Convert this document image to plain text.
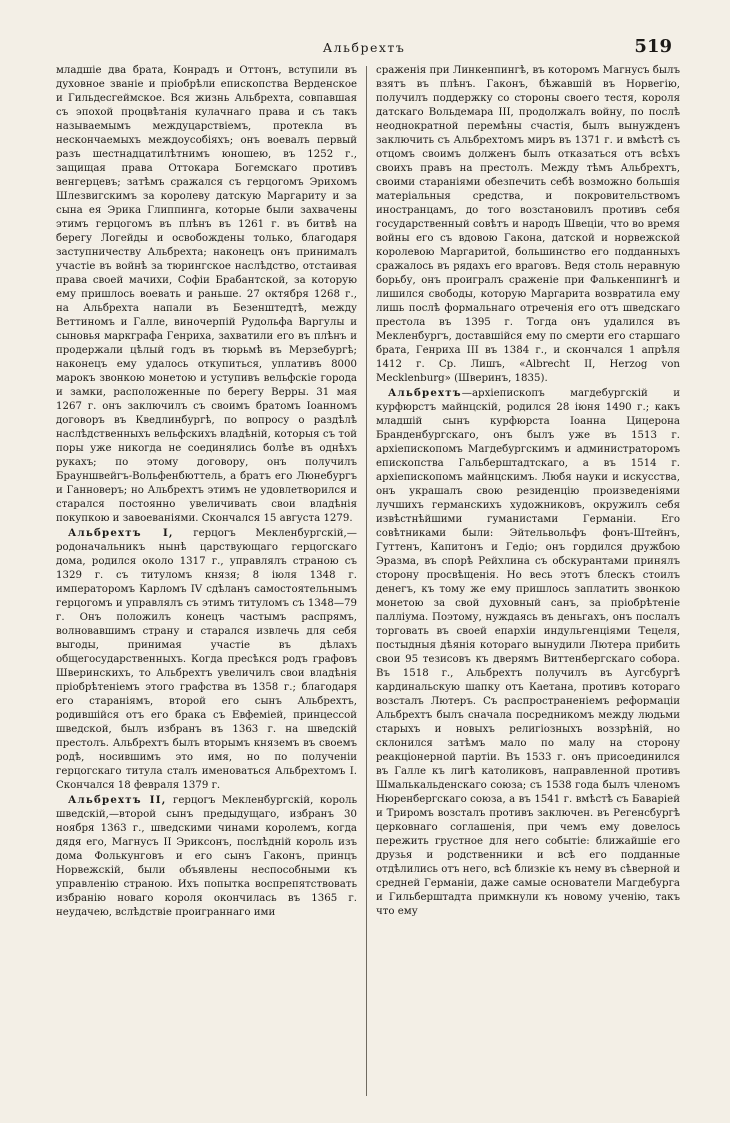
Альбрехтъ	519

младшіе два брата, Конрадъ и Оттонъ, вступили въ духовное званіе и пріобрѣли епископства Верденское и Гильдесгеймское. Вся жизнь Альбрехта, совпавшая съ эпохой процвѣтанія кулачнаго права и съ такъ называемымъ междуцарствіемъ, протекла въ нескончаемыхъ междоусобіяхъ; онъ воевалъ первый разъ шестнадцатилѣтнимъ юношею, въ 1252 г., защищая права Оттокара Богемскаго противъ венгерцевъ; затѣмъ сражался съ герцогомъ Эрихомъ Шлезвигскимъ за королеву датскую Маргариту и за сына ея Эрика Глиппинга, которые были захвачены этимъ герцогомъ въ плѣнъ въ 1261 г. въ битвѣ на берегу Логейды и освобождены только, благодаря заступничеству Альбрехта; наконецъ онъ принималъ участіе въ войнѣ за тюрингское наслѣдство, отстаивая права своей мачихи, Софіи Брабантской, за которую ему пришлось воевать и раньше. 27 октября 1268 г., на Альбрехта напали въ Безенштедтѣ, между Веттиномъ и Галле, виночерпій Рудольфа Варгулы и сыновья маркграфа Генриха, захватили его въ плѣнъ и продержали цѣлый годъ въ тюрьмѣ въ Мерзебургѣ; наконецъ ему удалось откупиться, уплативъ 8000 марокъ звонкою монетою и уступивъ вельфскіе города и замки, расположенные по берегу Верры. 31 мая 1267 г. онъ заключилъ съ своимъ братомъ Іоанномъ договоръ въ Кведлинбургѣ, по вопросу о раздѣлѣ наслѣдственныхъ вельфскихъ владѣній, которыя съ той поры уже никогда не соединялись болѣе въ однѣхъ рукахъ; по этому договору, онъ получилъ Брауншвейгъ-Вольфенбюттель, а братъ его Люнебургъ и Ганноверъ; но Альбрехтъ этимъ не удовлетворился и старался постоянно увеличивать свои владѣнія покупкою и завоеваніями. Скончался 15 августа 1279.

Альбрехтъ I, герцогъ Мекленбургскій,—родоначальникъ нынѣ царствующаго герцогскаго дома, родился около 1317 г., управлялъ страною съ 1329 г. съ титуломъ князя; 8 іюля 1348 г. императоромъ Карломъ IV сдѣланъ самостоятельнымъ герцогомъ и управлялъ съ этимъ титуломъ съ 1348—79 г. Онъ положилъ конецъ частымъ распрямъ, волновавшимъ страну и старался извлечь для себя выгоды, принимая участіе въ дѣлахъ общегосударственныхъ. Когда пресѣкся родъ графовъ Шверинскихъ, то Альбрехтъ увеличилъ свои владѣнія пріобрѣтеніемъ этого графства въ 1358 г.; благодаря его стараніямъ, второй его сынъ Альбрехтъ, родившійся отъ его брака съ Евфеміей, принцессой шведской, былъ избранъ въ 1363 г. на шведскій престолъ. Альбрехтъ былъ вторымъ княземъ въ своемъ родѣ, носившимъ это имя, но по полученіи герцогскаго титула сталъ именоваться Альбрехтомъ I. Скончался 18 февраля 1379 г.

Альбрехтъ II, герцогъ Мекленбургскій, король шведскій,—второй сынъ предыдущаго, избранъ 30 ноября 1363 г., шведскими чинами королемъ, когда дядя его, Магнусъ II Эриксонъ, послѣдній король изъ дома Фолькунговъ и его сынъ Гаконъ, принцъ Норвежскій, были объявлены неспособными къ управленію страною. Ихъ попытка воспрепятствовать избранію новаго короля окончилась въ 1365 г. неудачею, вслѣдствіе проиграннаго ими

сраженія при Линкенпингѣ, въ которомъ Магнусъ былъ взятъ въ плѣнъ. Гаконъ, бѣжавшій въ Норвегію, получилъ поддержку со стороны своего тестя, короля датскаго Вольдемара III, продолжалъ войну, по послѣ неоднократной перемѣны счастія, былъ вынужденъ заключить съ Альбрехтомъ миръ въ 1371 г. и вмѣстѣ съ отцомъ своимъ долженъ былъ отказаться отъ всѣхъ своихъ правъ на престолъ. Между тѣмъ Альбрехтъ, своими стараніями обезпечить себѣ возможно большія матеріальныя средства, и покровительствомъ иностранцамъ, до того возстановилъ противъ себя государственный совѣтъ и народъ Швеціи, что во время войны его съ вдовою Гакона, датской и норвежской королевою Маргаритой, большинство его подданныхъ сражалось въ рядахъ его враговъ. Ведя столь неравную борьбу, онъ проигралъ сраженіе при Фалькенпингѣ и лишился свободы, которую Маргарита возвратила ему лишь послѣ формальнаго отреченія его отъ шведскаго престола въ 1395 г. Тогда онъ удалился въ Мекленбургъ, доставшійся ему по смерти его старшаго брата, Генриха III въ 1384 г., и скончался 1 апрѣля 1412 г. Ср. Лишъ, «Albrecht II, Herzog von Mecklenburg» (Шверинъ, 1835).

Альбрехтъ—архіепископъ магдебургскій и курфюрстъ майнцскій, родился 28 іюня 1490 г.; какъ младшій сынъ курфюрста Іоанна Цицерона Бранденбургскаго, онъ былъ уже въ 1513 г. архіепископомъ Магдебургскимъ и администраторомъ епископства Гальберштадтскаго, а въ 1514 г. архіепископомъ майнцскимъ. Любя науки и искусства, онъ украшалъ свою резиденцію произведеніями лучшихъ германскихъ художниковъ, окружилъ себя извѣстнѣйшими гуманистами Германіи. Его совѣтниками были: Эйтельвольфъ фонъ-Штейнъ, Гуттенъ, Капитонъ и Гедіо; онъ гордился дружбою Эразма, въ спорѣ Рейхлина съ обскурантами принялъ сторону просвѣщенія. Но весь этотъ блескъ стоилъ денегъ, къ тому же ему пришлось заплатить звонкою монетою за свой духовный санъ, за пріобрѣтеніе палліума. Поэтому, нуждаясь въ деньгахъ, онъ послалъ торговать въ своей епархіи индульгенціями Тецеля, постыдныя дѣянія котораго вынудили Лютера прибить свои 95 тезисовъ къ дверямъ Виттенбергскаго собора. Въ 1518 г., Альбрехтъ получилъ въ Аугсбургѣ кардинальскую шапку отъ Каетана, противъ котораго возсталъ Лютеръ. Съ распространеніемъ реформаціи Альбрехтъ былъ сначала посредникомъ между людьми старыхъ и новыхъ религіозныхъ воззрѣній, но склонился затѣмъ мало по малу на сторону реакціонерной партіи. Въ 1533 г. онъ присоединился въ Галле къ лигѣ католиковъ, направленной противъ Шмалькальденскаго союза; съ 1538 года былъ членомъ Нюренбергскаго союза, а въ 1541 г. вмѣстѣ съ Баваріей и Триромъ возсталъ противъ заключен. въ Регенсбургѣ церковнаго соглашенія, при чемъ ему довелось пережить грустное для него событіе: ближайшіе его друзья и родственники и всѣ его подданные отдѣлились отъ него, всѣ близкіе къ нему въ сѣверной и средней Германіи, даже самые основатели Магдебурга и Гильберштадта примкнули къ новому ученію, такъ что ему
